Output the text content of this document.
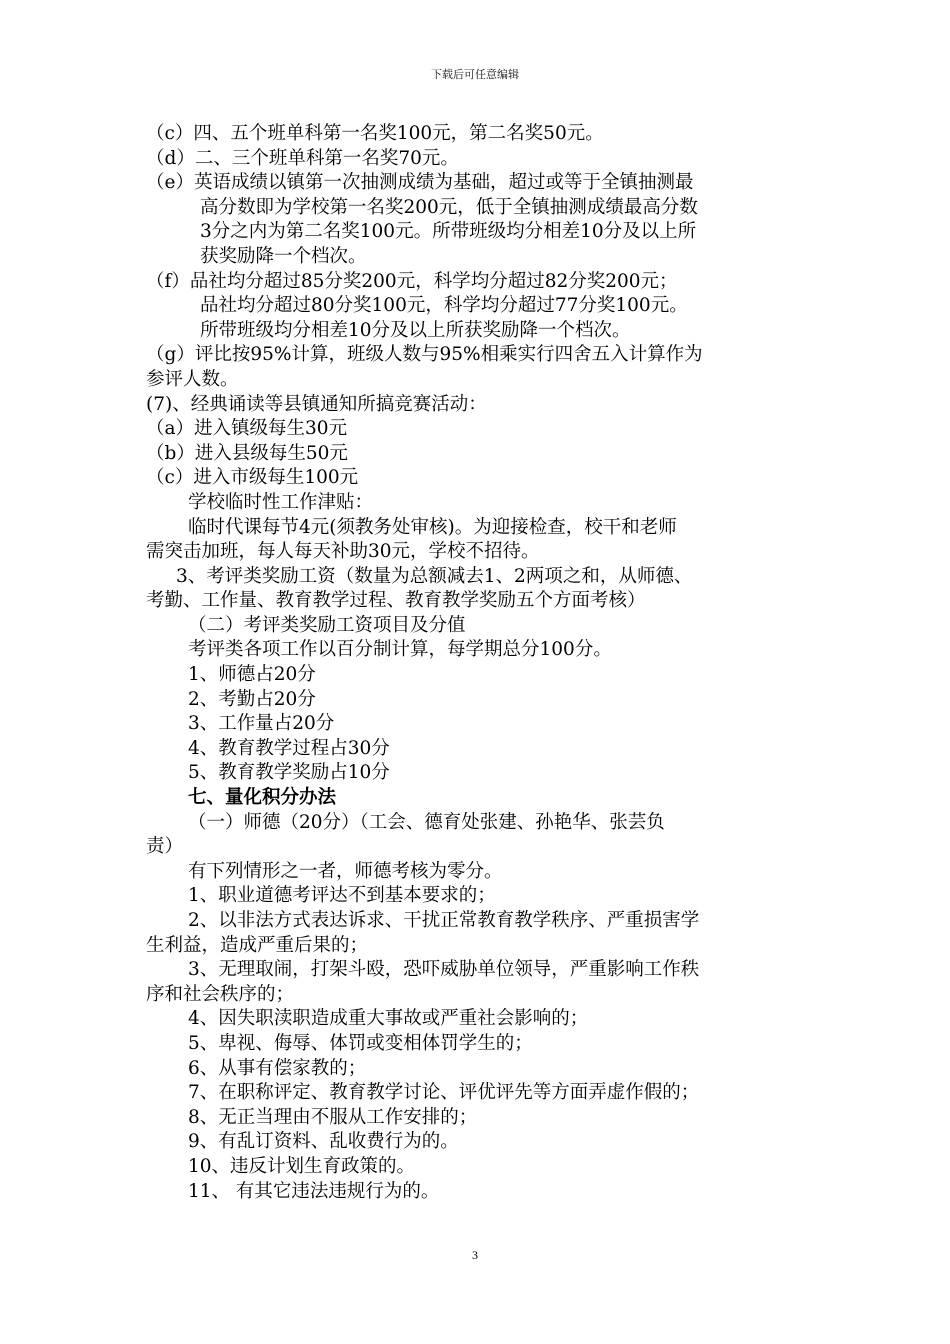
下载后可任意编辑
（c）四、五个班单科第一名奖100元，第二名奖50元。
（d）二、三个班单科第一名奖70元。
（e）英语成绩以镇第一次抽测成绩为基础，超过或等于全镇抽测最
高分数即为学校第一名奖200元，低于全镇抽测成绩最高分数
3分之内为第二名奖100元。所带班级均分相差10分及以上所
获奖励降一个档次。
（f）品社均分超过85分奖200元，科学均分超过82分奖200元；
品社均分超过80分奖100元，科学均分超过77分奖100元。
所带班级均分相差10分及以上所获奖励降一个档次。
（g）评比按95%计算，班级人数与95%相乘实行四舍五入计算作为
参评人数。
(7)、经典诵读等县镇通知所搞竞赛活动：
（a）进入镇级每生30元
（b）进入县级每生50元
（c）进入市级每生100元
学校临时性工作津贴：
临时代课每节4元(须教务处审核)。为迎接检查，校干和老师
需突击加班，每人每天补助30元，学校不招待。
3、考评类奖励工资（数量为总额减去1、2两项之和，从师德、
考勤、工作量、教育教学过程、教育教学奖励五个方面考核）
（二）考评类奖励工资项目及分值
考评类各项工作以百分制计算，每学期总分100分。
1、师德占20分
2、考勤占20分
3、工作量占20分
4、教育教学过程占30分
5、教育教学奖励占10分
七、量化积分办法
（一）师德（20分）（工会、德育处张建、孙艳华、张芸负
责）
有下列情形之一者，师德考核为零分。
1、职业道德考评达不到基本要求的；
2、以非法方式表达诉求、干扰正常教育教学秩序、严重损害学
生利益，造成严重后果的；
3、无理取闹，打架斗殴，恐吓威胁单位领导，严重影响工作秩
序和社会秩序的；
4、因失职渎职造成重大事故或严重社会影响的；
5、卑视、侮辱、体罚或变相体罚学生的；
6、从事有偿家教的；
7、在职称评定、教育教学讨论、评优评先等方面弄虚作假的；
8、无正当理由不服从工作安排的；
9、有乱订资料、乱收费行为的。
10、违反计划生育政策的。
11、 有其它违法违规行为的。
3
